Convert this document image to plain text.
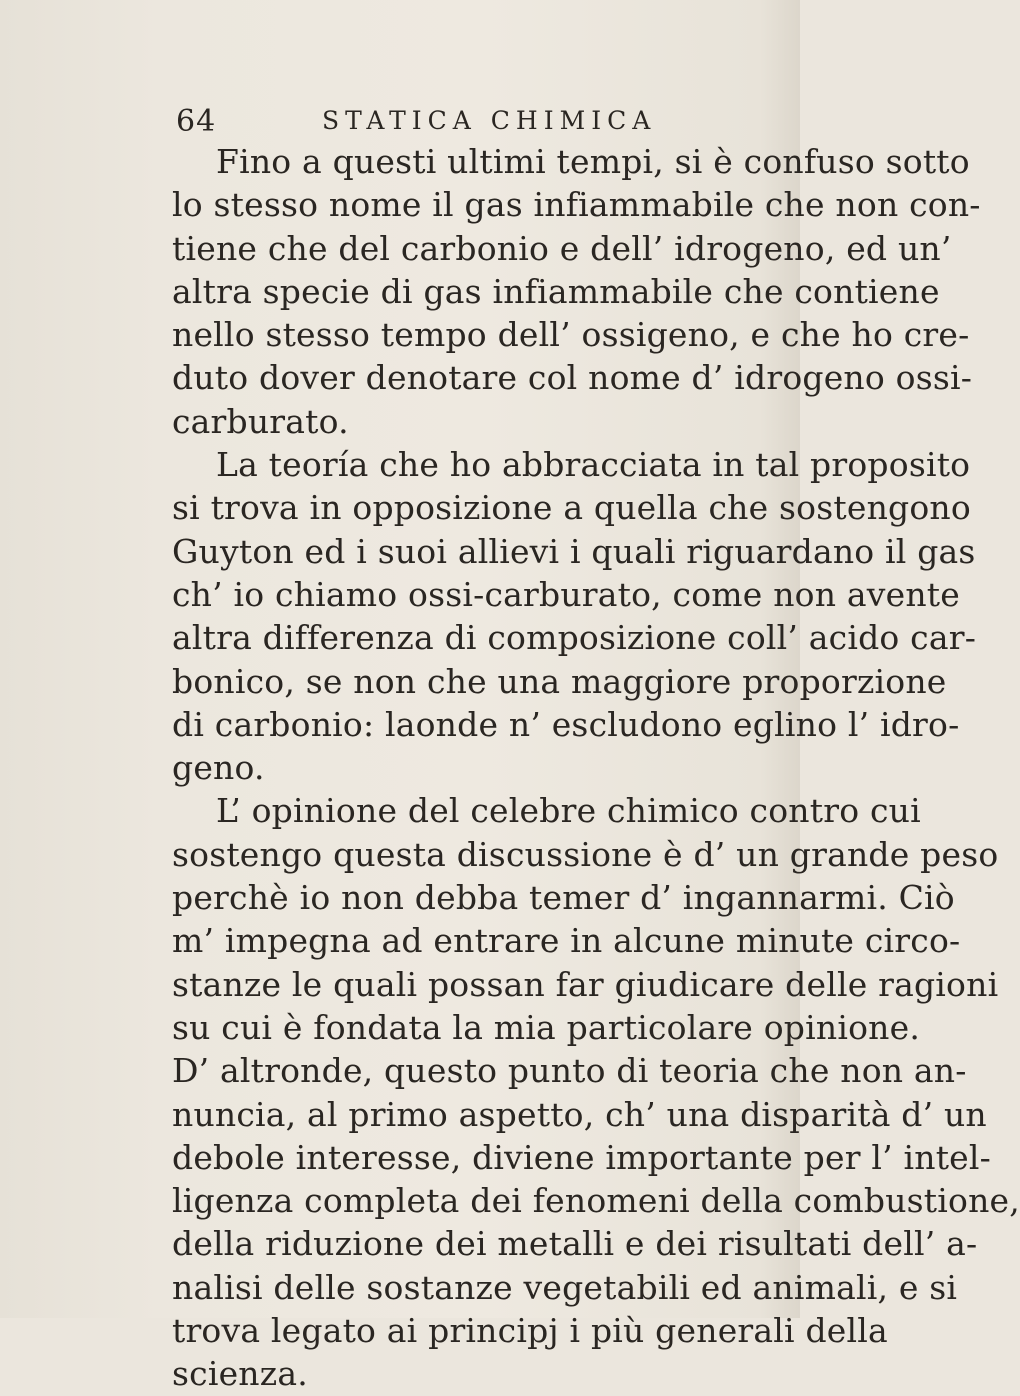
64	STATICA CHIMICA
Fino a questi ultimi tempi, si è confuso sotto
lo stesso nome il gas infiammabile che non con-
tiene che del carbonio e dell’ idrogeno, ed un’
altra specie di gas infiammabile che contiene
nello stesso tempo dell’ ossigeno, e che ho cre-
duto dover denotare col nome d’ idrogeno ossi-
carburato.
La teoría che ho abbracciata in tal proposito
si trova in opposizione a quella che sostengono
Guyton ed i suoi allievi i quali riguardano il gas
ch’ io chiamo ossi-carburato, come non avente
altra differenza di composizione coll’ acido car-
bonico, se non che una maggiore proporzione
di carbonio: laonde n’ escludono eglino l’ idro-
geno.
L’ opinione del celebre chimico contro cui
sostengo questa discussione è d’ un grande peso
perchè io non debba temer d’ ingannarmi. Ciò
m’ impegna ad entrare in alcune minute circo-
stanze le quali possan far giudicare delle ragioni
su cui è fondata la mia particolare opinione.
D’ altronde, questo punto di teoria che non an-
nuncia, al primo aspetto, ch’ una disparità d’ un
debole interesse, diviene importante per l’ intel-
ligenza completa dei fenomeni della combustione,
della riduzione dei metalli e dei risultati dell’ a-
nalisi delle sostanze vegetabili ed animali, e si
trova legato ai principj i più generali della
scienza.
